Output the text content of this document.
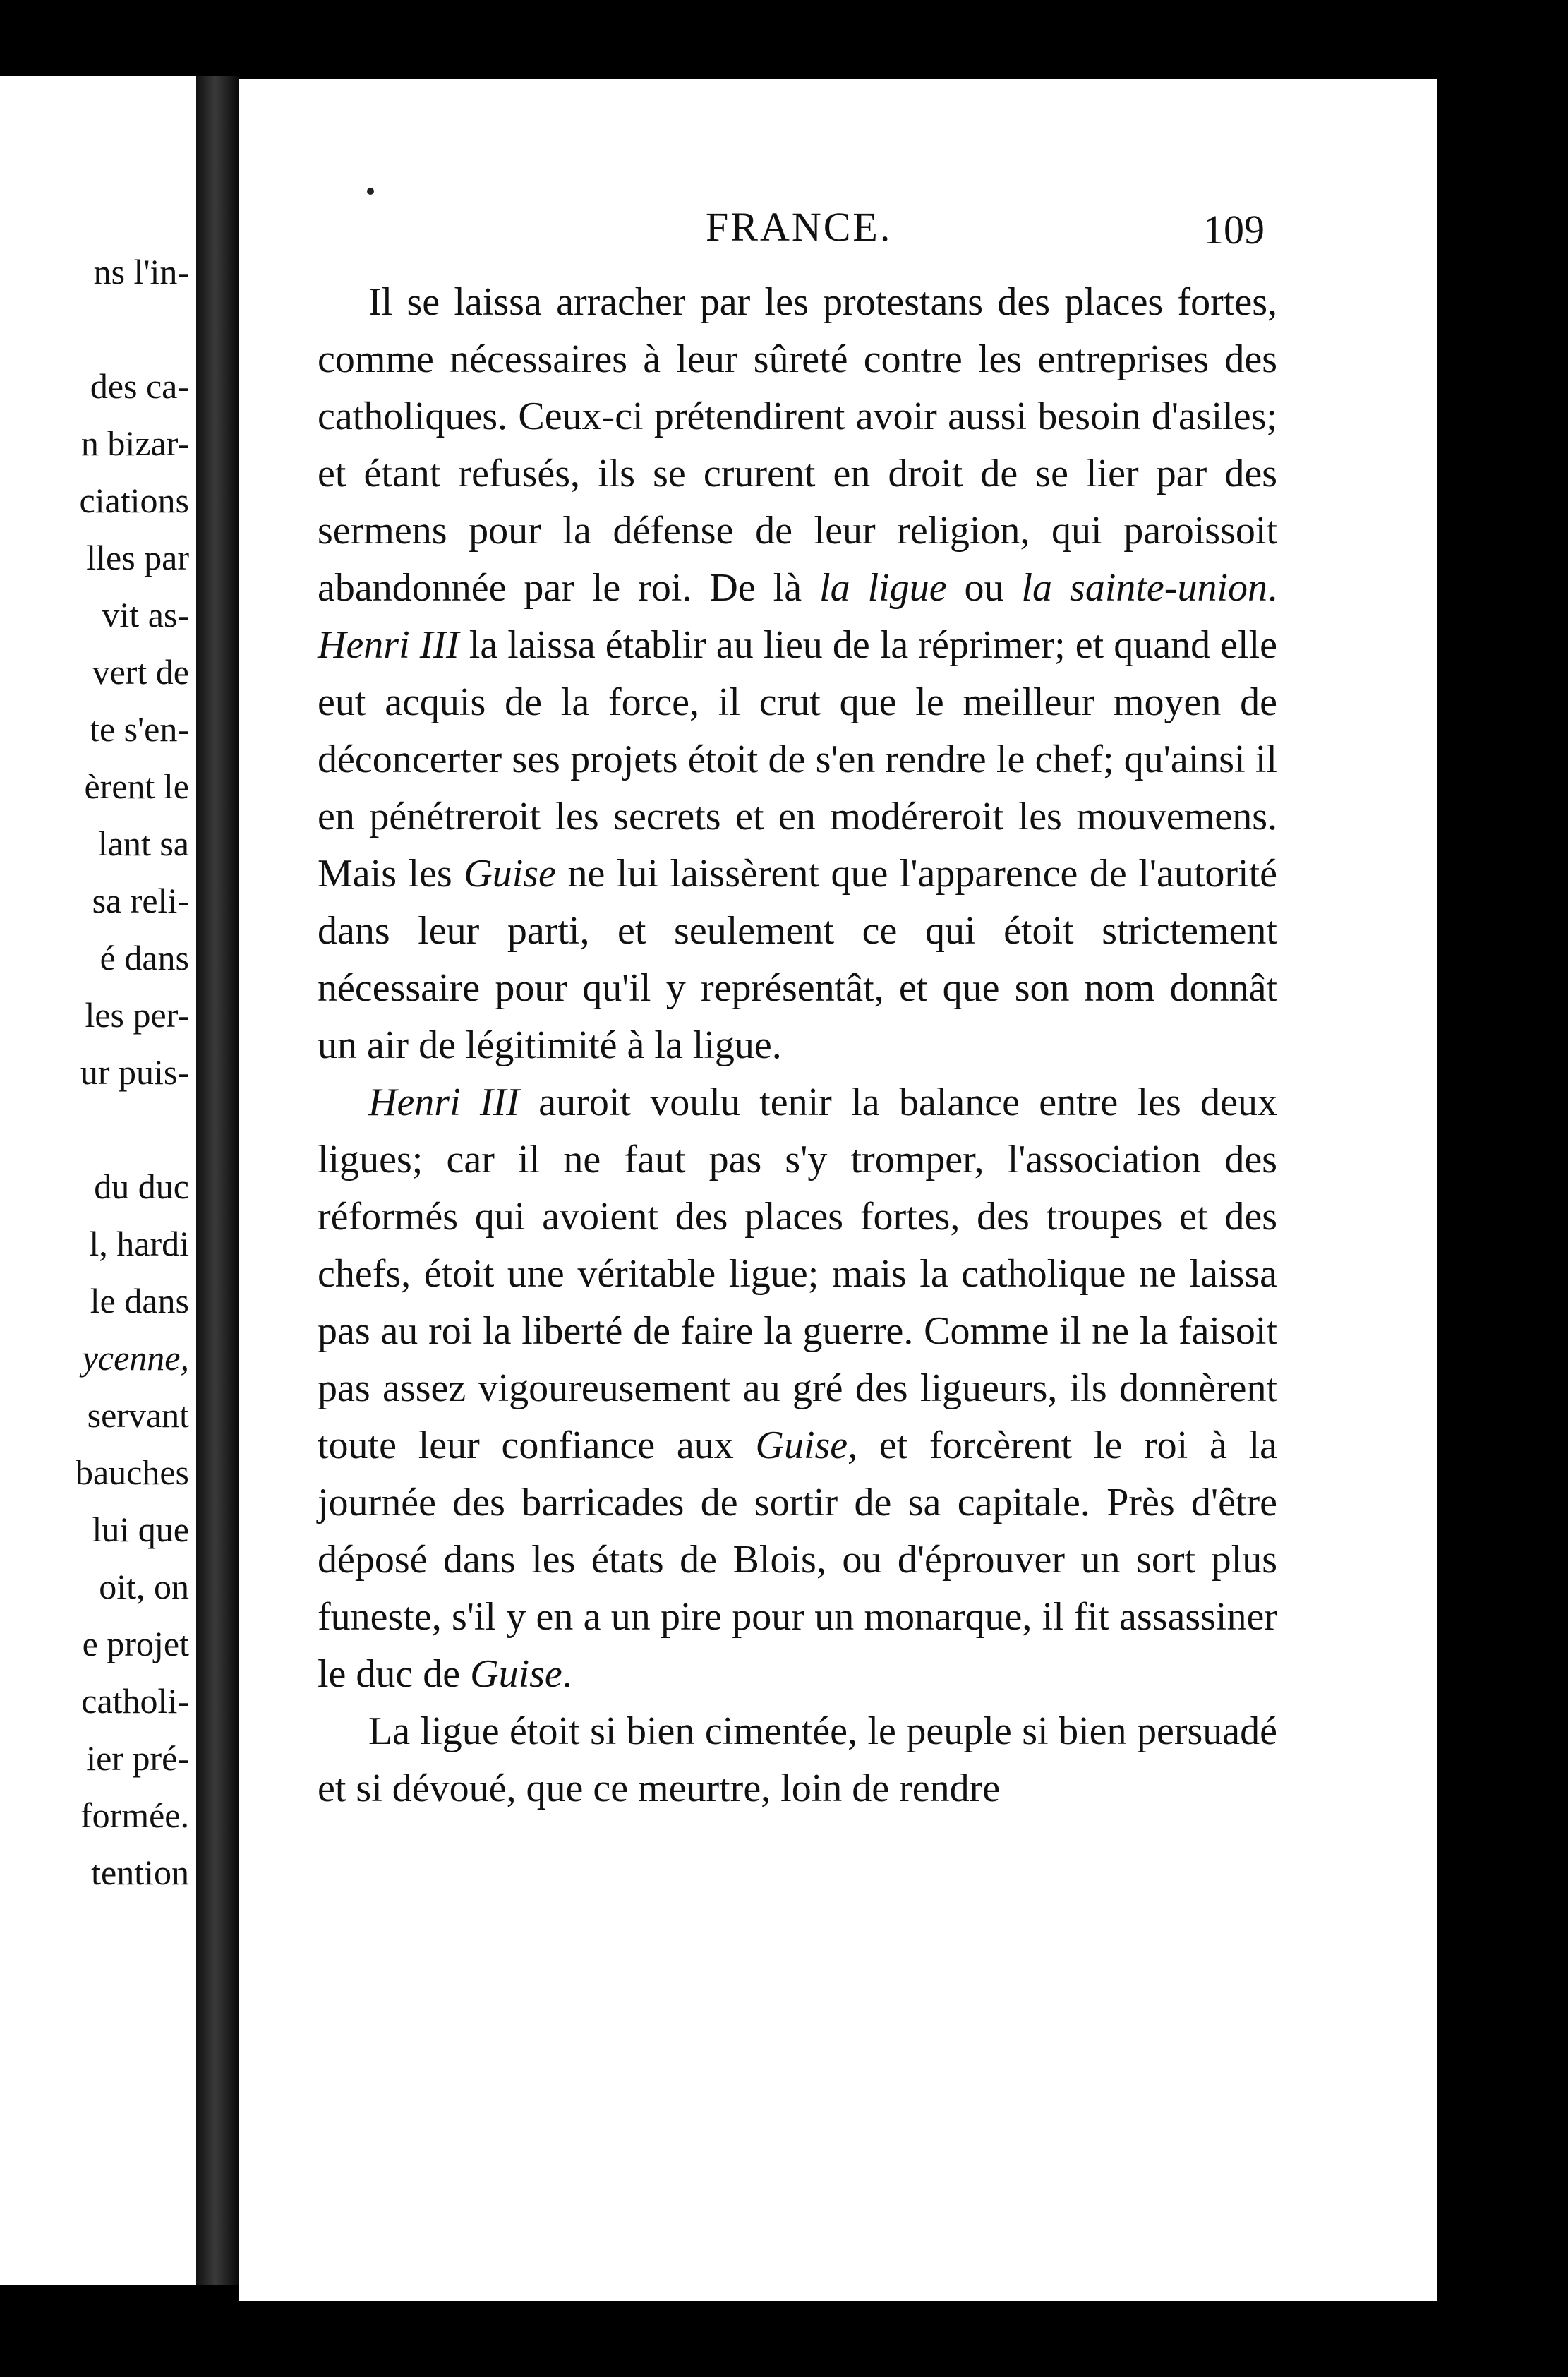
ns l'in-
des ca-
n bizar-
ciations
lles par
vit as-
vert de
te s'en-
èrent le
lant sa
sa reli-
é dans
les per-
ur puis-
du duc
l, hardi
le dans
ycenne,
servant
bauches
lui que
oit, on
e projet
catholi-
ier pré-
formée.
tention
FRANCE.	109

Il se laissa arracher par les protestans des places fortes, comme nécessaires à leur sûreté contre les entreprises des catholiques. Ceux-ci prétendirent avoir aussi besoin d'asiles; et étant refusés, ils se crurent en droit de se lier par des sermens pour la défense de leur religion, qui paroissoit abandonnée par le roi. De là la ligue ou la sainte-union. Henri III la laissa établir au lieu de la réprimer; et quand elle eut acquis de la force, il crut que le meilleur moyen de déconcerter ses projets étoit de s'en rendre le chef; qu'ainsi il en pénétreroit les secrets et en modéreroit les mouvemens. Mais les Guise ne lui laissèrent que l'apparence de l'autorité dans leur parti, et seulement ce qui étoit strictement nécessaire pour qu'il y représentât, et que son nom donnât un air de légitimité à la ligue.

Henri III auroit voulu tenir la balance entre les deux ligues; car il ne faut pas s'y tromper, l'association des réformés qui avoient des places fortes, des troupes et des chefs, étoit une véritable ligue; mais la catholique ne laissa pas au roi la liberté de faire la guerre. Comme il ne la faisoit pas assez vigoureusement au gré des ligueurs, ils donnèrent toute leur confiance aux Guise, et forcèrent le roi à la journée des barricades de sortir de sa capitale. Près d'être déposé dans les états de Blois, ou d'éprouver un sort plus funeste, s'il y en a un pire pour un monarque, il fit assassiner le duc de Guise.

La ligue étoit si bien cimentée, le peuple si bien persuadé et si dévoué, que ce meurtre, loin de rendre
